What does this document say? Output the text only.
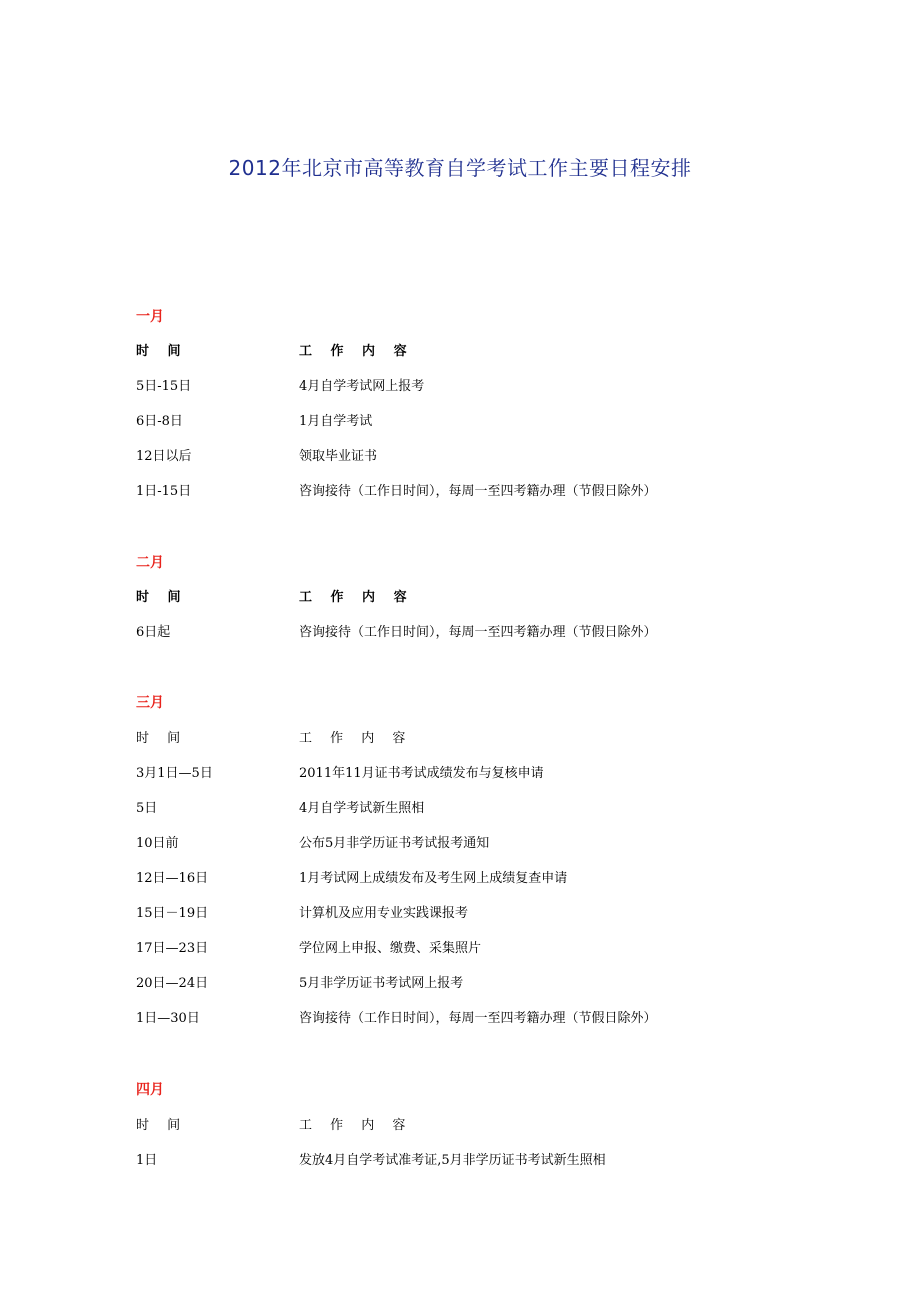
2012年北京市高等教育自学考试工作主要日程安排
一月
时 间	工 作 内 容
5日-15日	4月自学考试网上报考
6日-8日	1月自学考试
12日以后	领取毕业证书
1日-15日	咨询接待（工作日时间），每周一至四考籍办理（节假日除外）
二月
时 间	工 作 内 容
6日起	咨询接待（工作日时间），每周一至四考籍办理（节假日除外）
三月
时 间	工 作 内 容
3月1日—5日	2011年11月证书考试成绩发布与复核申请
5日	4月自学考试新生照相
10日前	公布5月非学历证书考试报考通知
12日—16日	1月考试网上成绩发布及考生网上成绩复查申请
15日－19日	计算机及应用专业实践课报考
17日—23日	学位网上申报、缴费、采集照片
20日—24日	5月非学历证书考试网上报考
1日—30日	咨询接待（工作日时间），每周一至四考籍办理（节假日除外）
四月
时 间	工 作 内 容
1日	发放4月自学考试准考证,5月非学历证书考试新生照相
